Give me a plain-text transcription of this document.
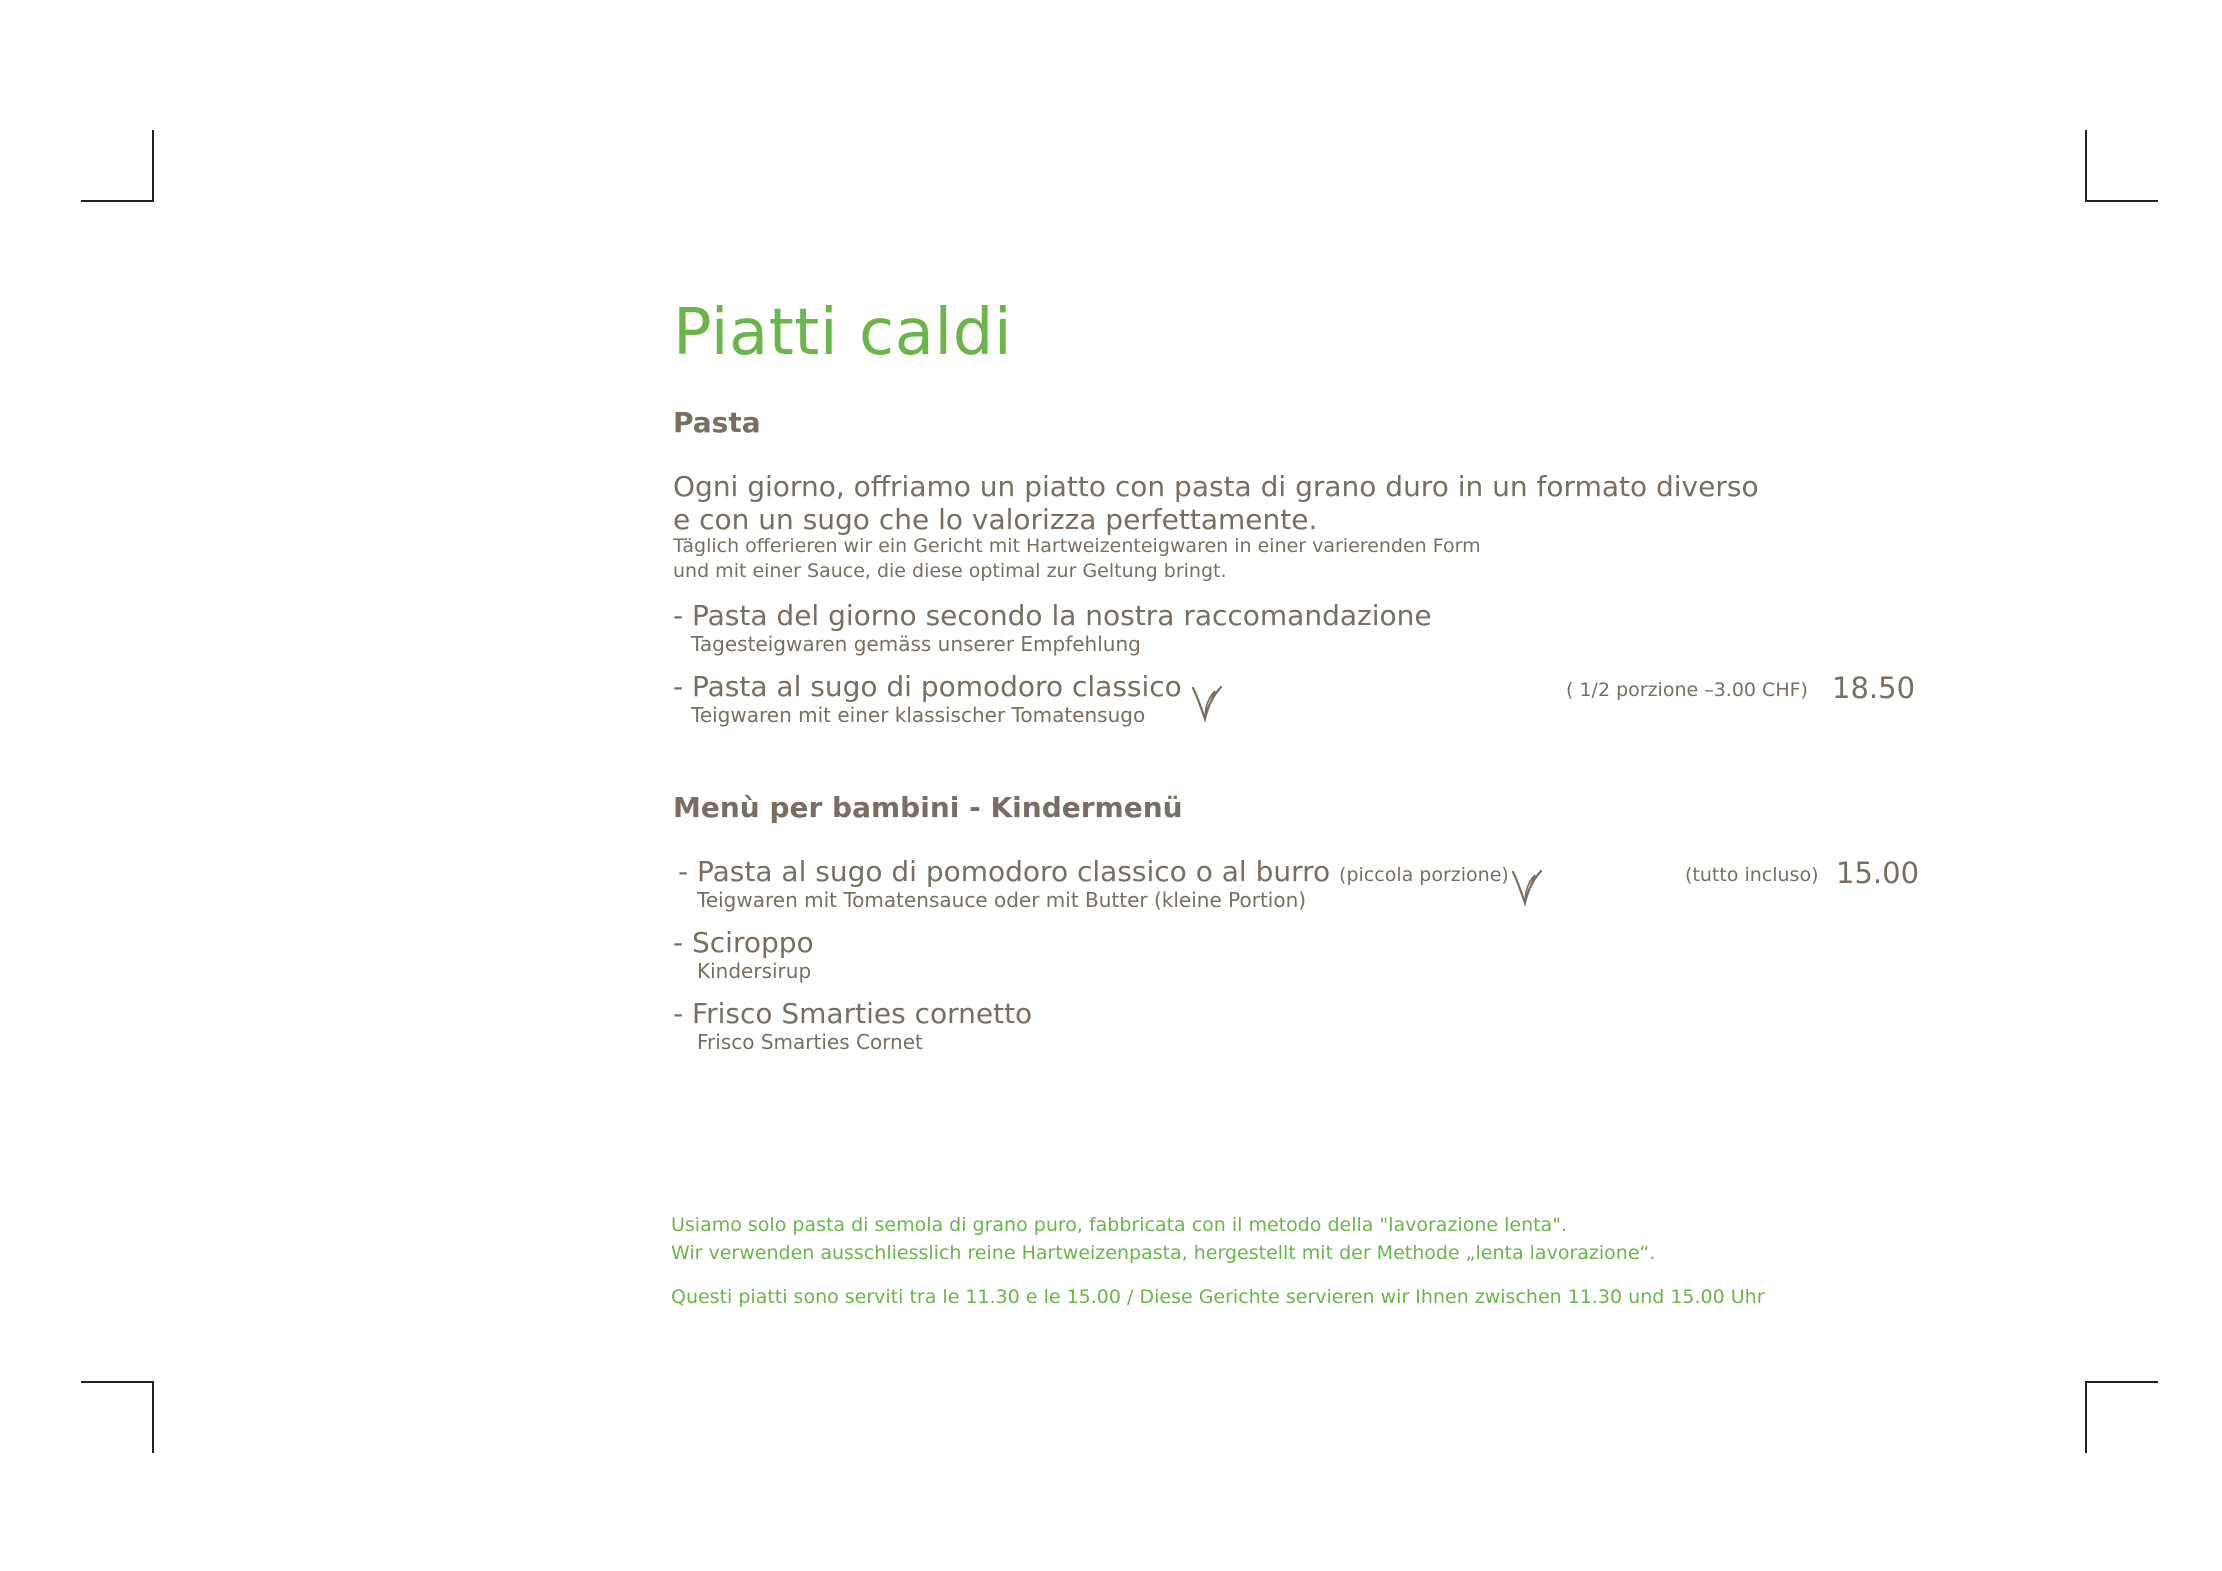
Piatti caldi
Pasta
Ogni giorno, offriamo un piatto con pasta di grano duro in un formato diverso
e con un sugo che lo valorizza perfettamente.
Täglich offerieren wir ein Gericht mit Hartweizenteigwaren in einer varierenden Form
und mit einer Sauce, die diese optimal zur Geltung bringt.
- Pasta del giorno secondo la nostra raccomandazione
Tagesteigwaren gemäss unserer Empfehlung
- Pasta al sugo di pomodoro classico
Teigwaren mit einer klassischer Tomatensugo
( 1/2 porzione –3.00 CHF) 18.50
Menù per bambini - Kindermenü
- Pasta al sugo di pomodoro classico o al burro (piccola porzione)
Teigwaren mit Tomatensauce oder mit Butter (kleine Portion)
(tutto incluso) 15.00
- Sciroppo
Kindersirup
- Frisco Smarties cornetto
Frisco Smarties Cornet
Usiamo solo pasta di semola di grano puro, fabbricata con il metodo della "lavorazione lenta".
Wir verwenden ausschliesslich reine Hartweizenpasta, hergestellt mit der Methode „lenta lavorazione“.
Questi piatti sono serviti tra le 11.30 e le 15.00 / Diese Gerichte servieren wir Ihnen zwischen 11.30 und 15.00 Uhr
